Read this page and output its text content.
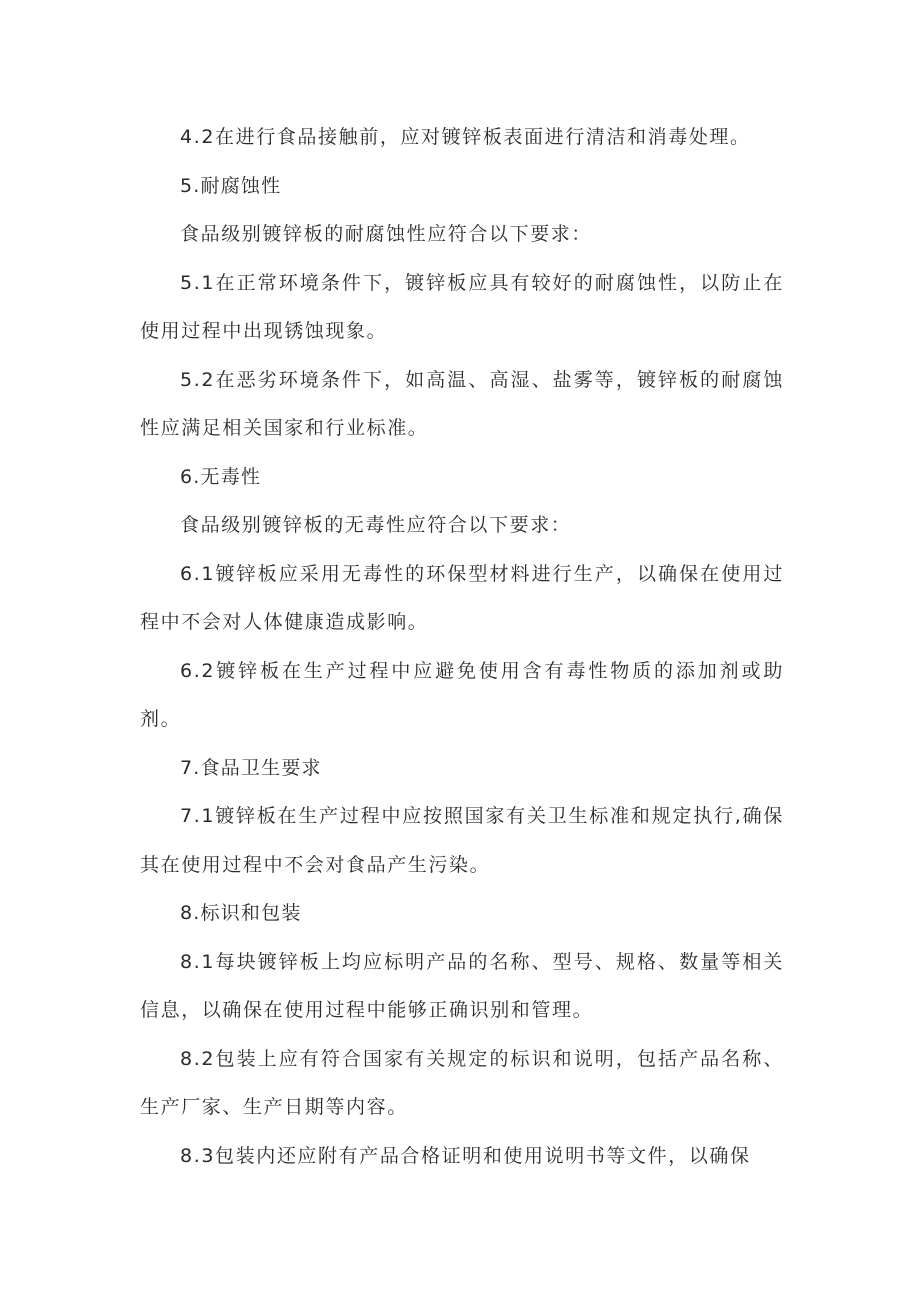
4.2在进行食品接触前，应对镀锌板表面进行清洁和消毒处理。

5.耐腐蚀性

食品级别镀锌板的耐腐蚀性应符合以下要求：

5.1在正常环境条件下，镀锌板应具有较好的耐腐蚀性，以防止在使用过程中出现锈蚀现象。

5.2在恶劣环境条件下，如高温、高湿、盐雾等，镀锌板的耐腐蚀性应满足相关国家和行业标准。

6.无毒性

食品级别镀锌板的无毒性应符合以下要求：

6.1镀锌板应采用无毒性的环保型材料进行生产，以确保在使用过程中不会对人体健康造成影响。

6.2镀锌板在生产过程中应避免使用含有毒性物质的添加剂或助剂。

7.食品卫生要求

7.1镀锌板在生产过程中应按照国家有关卫生标准和规定执行,确保其在使用过程中不会对食品产生污染。

8.标识和包装

8.1每块镀锌板上均应标明产品的名称、型号、规格、数量等相关信息，以确保在使用过程中能够正确识别和管理。

8.2包装上应有符合国家有关规定的标识和说明，包括产品名称、生产厂家、生产日期等内容。

8.3包装内还应附有产品合格证明和使用说明书等文件，以确保
